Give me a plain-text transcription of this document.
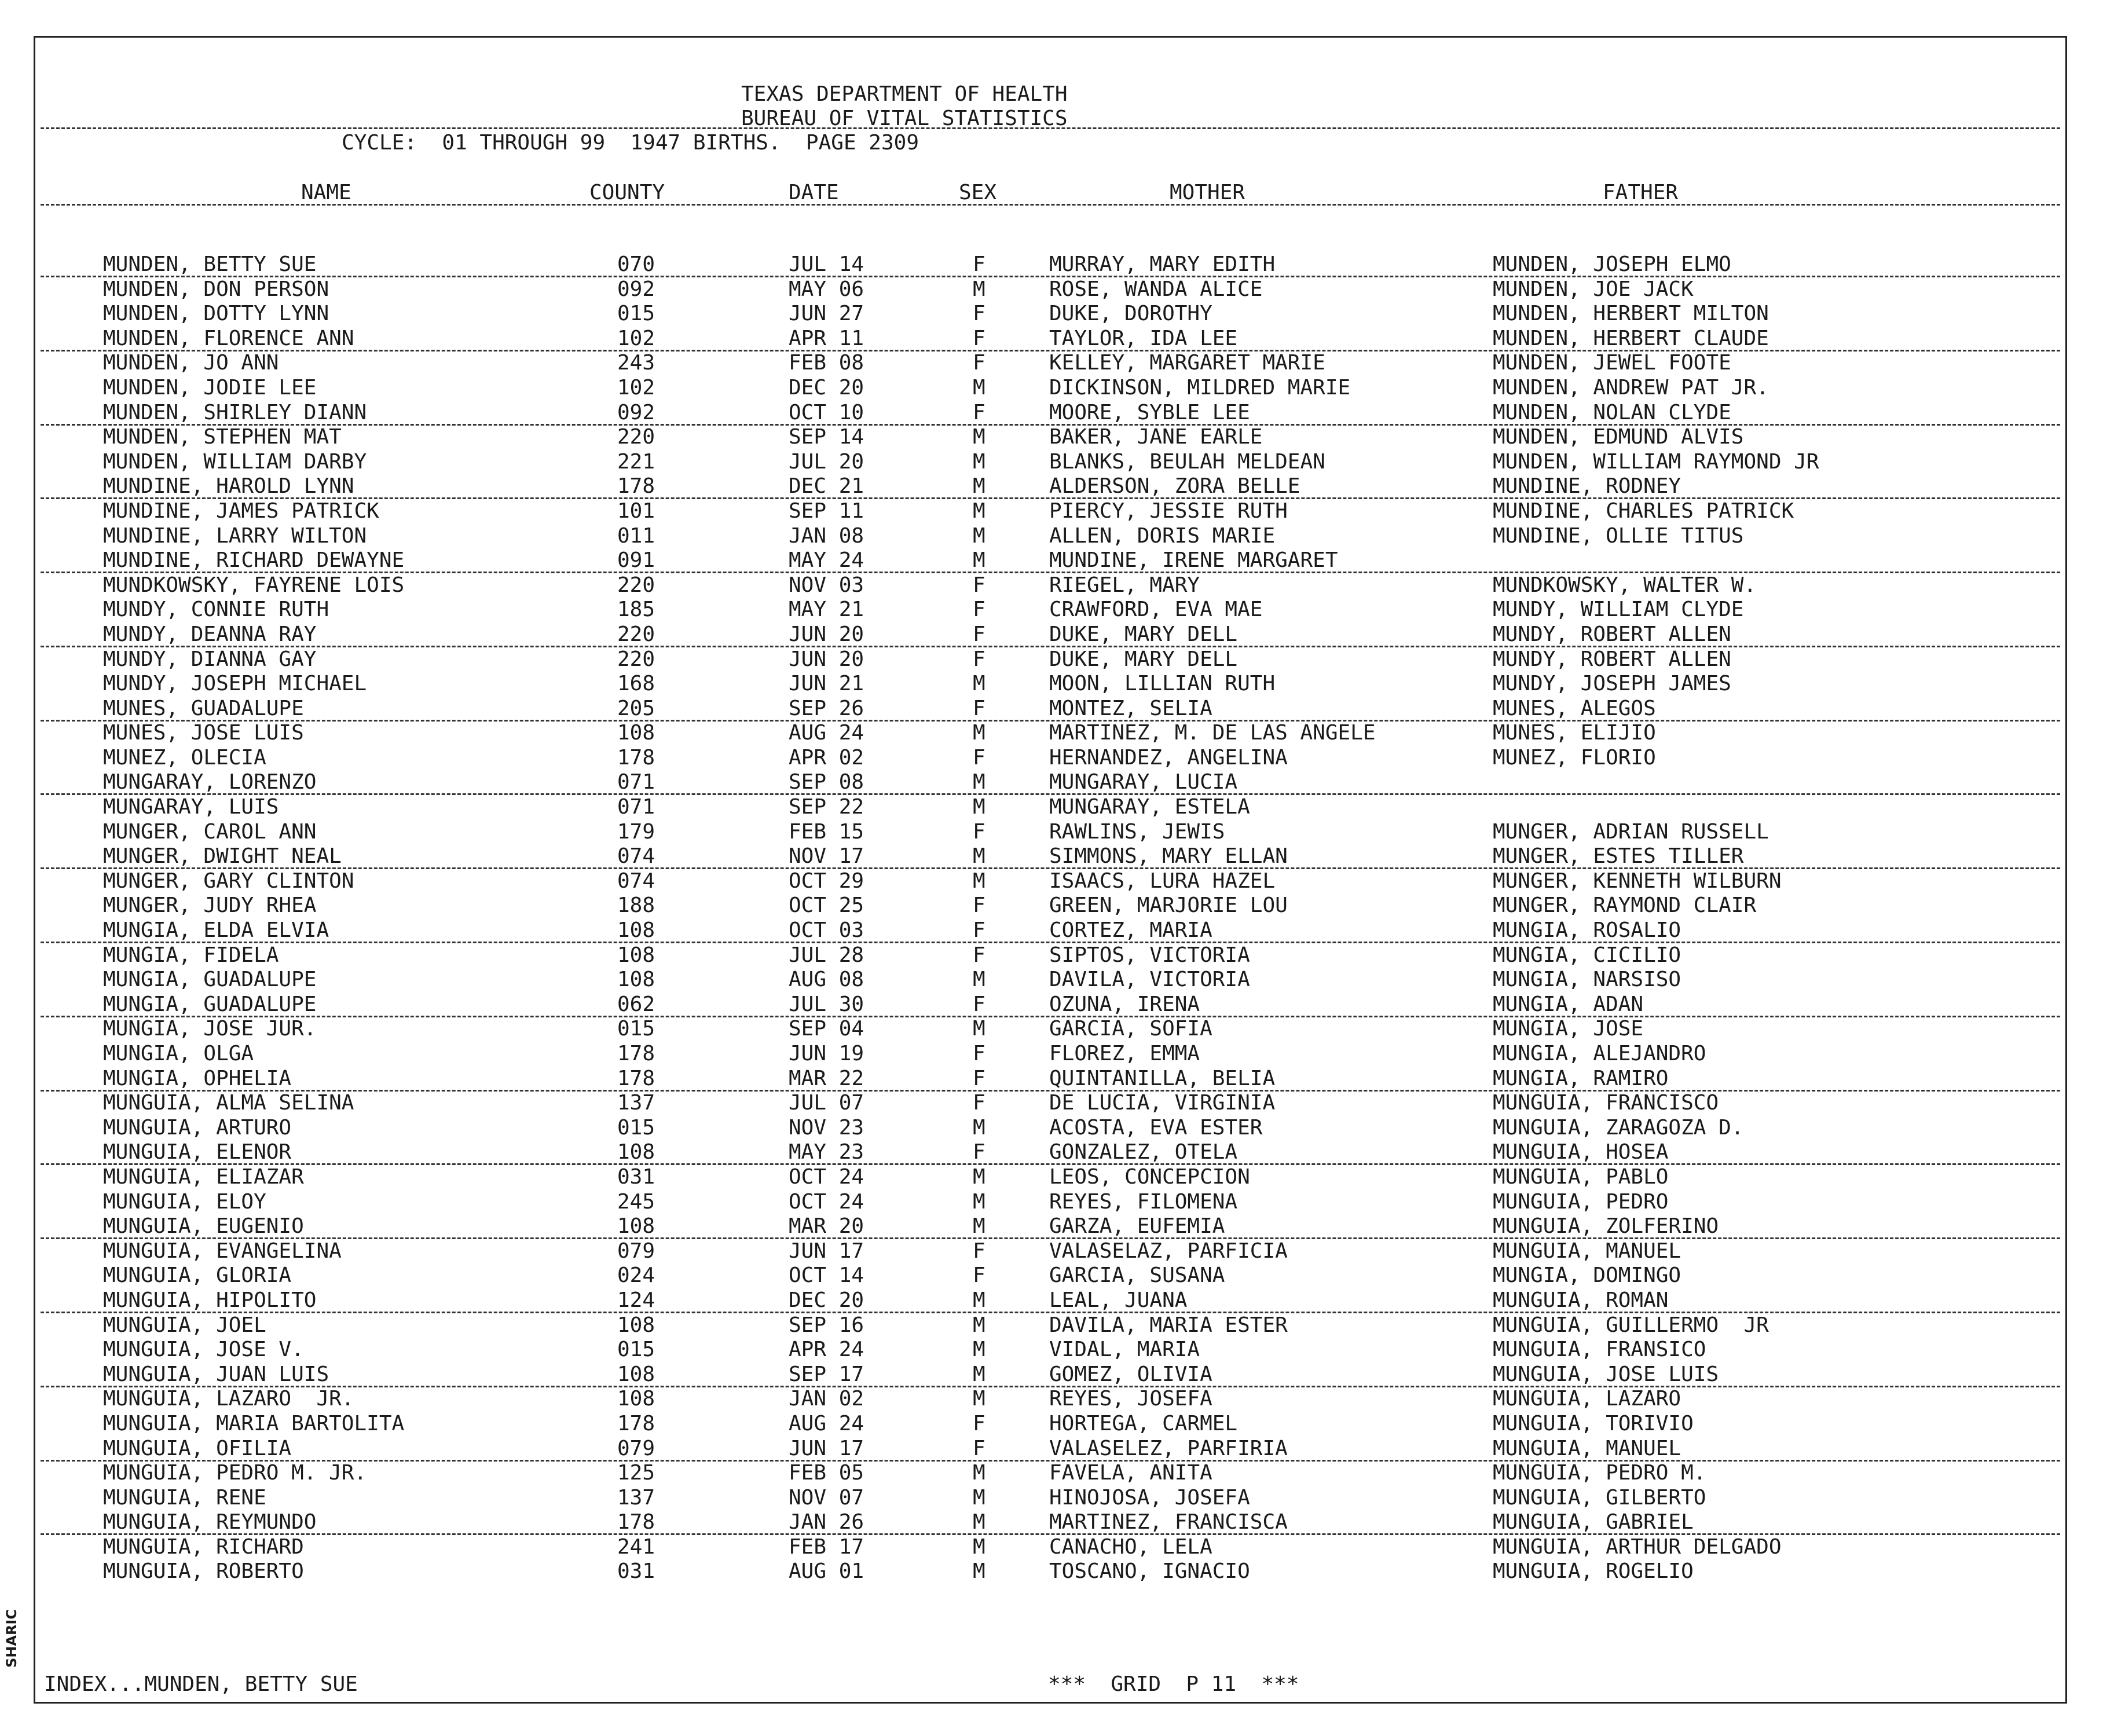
TEXAS DEPARTMENT OF HEALTH
BUREAU OF VITAL STATISTICS
CYCLE:  01 THROUGH 99  1947 BIRTHS.  PAGE 2309
NAME	COUNTY	DATE	SEX	MOTHER	FATHER
MUNDEN, BETTY SUE	070	JUL 14	F	MURRAY, MARY EDITH	MUNDEN, JOSEPH ELMO
MUNDEN, DON PERSON	092	MAY 06	M	ROSE, WANDA ALICE	MUNDEN, JOE JACK
MUNDEN, DOTTY LYNN	015	JUN 27	F	DUKE, DOROTHY	MUNDEN, HERBERT MILTON
MUNDEN, FLORENCE ANN	102	APR 11	F	TAYLOR, IDA LEE	MUNDEN, HERBERT CLAUDE
MUNDEN, JO ANN	243	FEB 08	F	KELLEY, MARGARET MARIE	MUNDEN, JEWEL FOOTE
MUNDEN, JODIE LEE	102	DEC 20	M	DICKINSON, MILDRED MARIE	MUNDEN, ANDREW PAT JR.
MUNDEN, SHIRLEY DIANN	092	OCT 10	F	MOORE, SYBLE LEE	MUNDEN, NOLAN CLYDE
MUNDEN, STEPHEN MAT	220	SEP 14	M	BAKER, JANE EARLE	MUNDEN, EDMUND ALVIS
MUNDEN, WILLIAM DARBY	221	JUL 20	M	BLANKS, BEULAH MELDEAN	MUNDEN, WILLIAM RAYMOND JR
MUNDINE, HAROLD LYNN	178	DEC 21	M	ALDERSON, ZORA BELLE	MUNDINE, RODNEY
MUNDINE, JAMES PATRICK	101	SEP 11	M	PIERCY, JESSIE RUTH	MUNDINE, CHARLES PATRICK
MUNDINE, LARRY WILTON	011	JAN 08	M	ALLEN, DORIS MARIE	MUNDINE, OLLIE TITUS
MUNDINE, RICHARD DEWAYNE	091	MAY 24	M	MUNDINE, IRENE MARGARET
MUNDKOWSKY, FAYRENE LOIS	220	NOV 03	F	RIEGEL, MARY	MUNDKOWSKY, WALTER W.
MUNDY, CONNIE RUTH	185	MAY 21	F	CRAWFORD, EVA MAE	MUNDY, WILLIAM CLYDE
MUNDY, DEANNA RAY	220	JUN 20	F	DUKE, MARY DELL	MUNDY, ROBERT ALLEN
MUNDY, DIANNA GAY	220	JUN 20	F	DUKE, MARY DELL	MUNDY, ROBERT ALLEN
MUNDY, JOSEPH MICHAEL	168	JUN 21	M	MOON, LILLIAN RUTH	MUNDY, JOSEPH JAMES
MUNES, GUADALUPE	205	SEP 26	F	MONTEZ, SELIA	MUNES, ALEGOS
MUNES, JOSE LUIS	108	AUG 24	M	MARTINEZ, M. DE LAS ANGELE	MUNES, ELIJIO
MUNEZ, OLECIA	178	APR 02	F	HERNANDEZ, ANGELINA	MUNEZ, FLORIO
MUNGARAY, LORENZO	071	SEP 08	M	MUNGARAY, LUCIA
MUNGARAY, LUIS	071	SEP 22	M	MUNGARAY, ESTELA
MUNGER, CAROL ANN	179	FEB 15	F	RAWLINS, JEWIS	MUNGER, ADRIAN RUSSELL
MUNGER, DWIGHT NEAL	074	NOV 17	M	SIMMONS, MARY ELLAN	MUNGER, ESTES TILLER
MUNGER, GARY CLINTON	074	OCT 29	M	ISAACS, LURA HAZEL	MUNGER, KENNETH WILBURN
MUNGER, JUDY RHEA	188	OCT 25	F	GREEN, MARJORIE LOU	MUNGER, RAYMOND CLAIR
MUNGIA, ELDA ELVIA	108	OCT 03	F	CORTEZ, MARIA	MUNGIA, ROSALIO
MUNGIA, FIDELA	108	JUL 28	F	SIPTOS, VICTORIA	MUNGIA, CICILIO
MUNGIA, GUADALUPE	108	AUG 08	M	DAVILA, VICTORIA	MUNGIA, NARSISO
MUNGIA, GUADALUPE	062	JUL 30	F	OZUNA, IRENA	MUNGIA, ADAN
MUNGIA, JOSE JUR.	015	SEP 04	M	GARCIA, SOFIA	MUNGIA, JOSE
MUNGIA, OLGA	178	JUN 19	F	FLOREZ, EMMA	MUNGIA, ALEJANDRO
MUNGIA, OPHELIA	178	MAR 22	F	QUINTANILLA, BELIA	MUNGIA, RAMIRO
MUNGUIA, ALMA SELINA	137	JUL 07	F	DE LUCIA, VIRGINIA	MUNGUIA, FRANCISCO
MUNGUIA, ARTURO	015	NOV 23	M	ACOSTA, EVA ESTER	MUNGUIA, ZARAGOZA D.
MUNGUIA, ELENOR	108	MAY 23	F	GONZALEZ, OTELA	MUNGUIA, HOSEA
MUNGUIA, ELIAZAR	031	OCT 24	M	LEOS, CONCEPCION	MUNGUIA, PABLO
MUNGUIA, ELOY	245	OCT 24	M	REYES, FILOMENA	MUNGUIA, PEDRO
MUNGUIA, EUGENIO	108	MAR 20	M	GARZA, EUFEMIA	MUNGUIA, ZOLFERINO
MUNGUIA, EVANGELINA	079	JUN 17	F	VALASELAZ, PARFICIA	MUNGUIA, MANUEL
MUNGUIA, GLORIA	024	OCT 14	F	GARCIA, SUSANA	MUNGIA, DOMINGO
MUNGUIA, HIPOLITO	124	DEC 20	M	LEAL, JUANA	MUNGUIA, ROMAN
MUNGUIA, JOEL	108	SEP 16	M	DAVILA, MARIA ESTER	MUNGUIA, GUILLERMO  JR
MUNGUIA, JOSE V.	015	APR 24	M	VIDAL, MARIA	MUNGUIA, FRANSICO
MUNGUIA, JUAN LUIS	108	SEP 17	M	GOMEZ, OLIVIA	MUNGUIA, JOSE LUIS
MUNGUIA, LAZARO  JR.	108	JAN 02	M	REYES, JOSEFA	MUNGUIA, LAZARO
MUNGUIA, MARIA BARTOLITA	178	AUG 24	F	HORTEGA, CARMEL	MUNGUIA, TORIVIO
MUNGUIA, OFILIA	079	JUN 17	F	VALASELEZ, PARFIRIA	MUNGUIA, MANUEL
MUNGUIA, PEDRO M. JR.	125	FEB 05	M	FAVELA, ANITA	MUNGUIA, PEDRO M.
MUNGUIA, RENE	137	NOV 07	M	HINOJOSA, JOSEFA	MUNGUIA, GILBERTO
MUNGUIA, REYMUNDO	178	JAN 26	M	MARTINEZ, FRANCISCA	MUNGUIA, GABRIEL
MUNGUIA, RICHARD	241	FEB 17	M	CANACHO, LELA	MUNGUIA, ARTHUR DELGADO
MUNGUIA, ROBERTO	031	AUG 01	M	TOSCANO, IGNACIO	MUNGUIA, ROGELIO
INDEX...MUNDEN, BETTY SUE	***  GRID  P 11  ***
SHARIC
